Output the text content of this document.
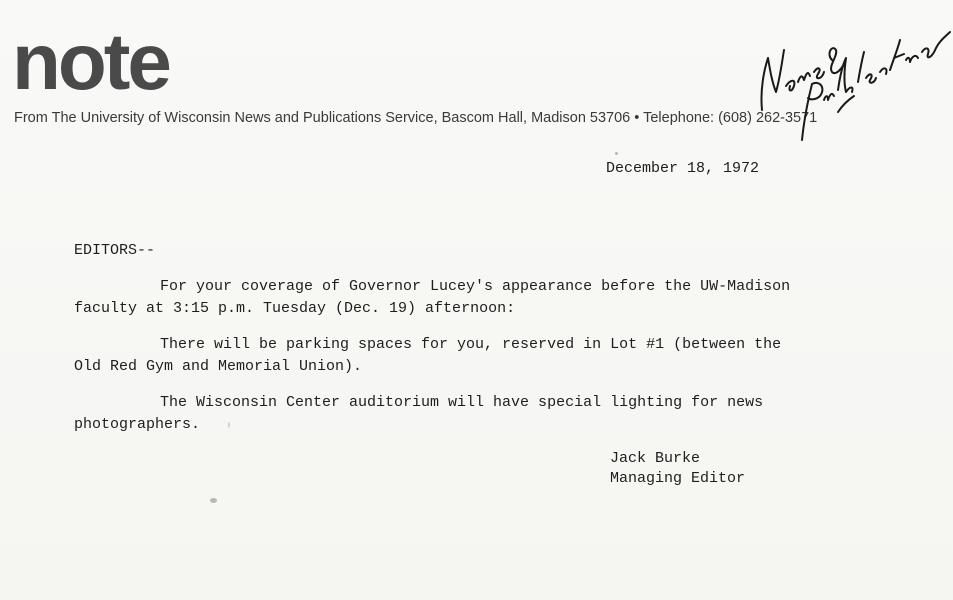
note
From The University of Wisconsin News and Publications Service, Bascom Hall, Madison 53706 • Telephone: (608) 262-3571
December 18, 1972
EDITORS--
For your coverage of Governor Lucey's appearance before the UW-Madison
faculty at 3:15 p.m. Tuesday (Dec. 19) afternoon:
There will be parking spaces for you, reserved in Lot #1 (between the
Old Red Gym and Memorial Union).
The Wisconsin Center auditorium will have special lighting for news
photographers.
Jack Burke
Managing Editor
